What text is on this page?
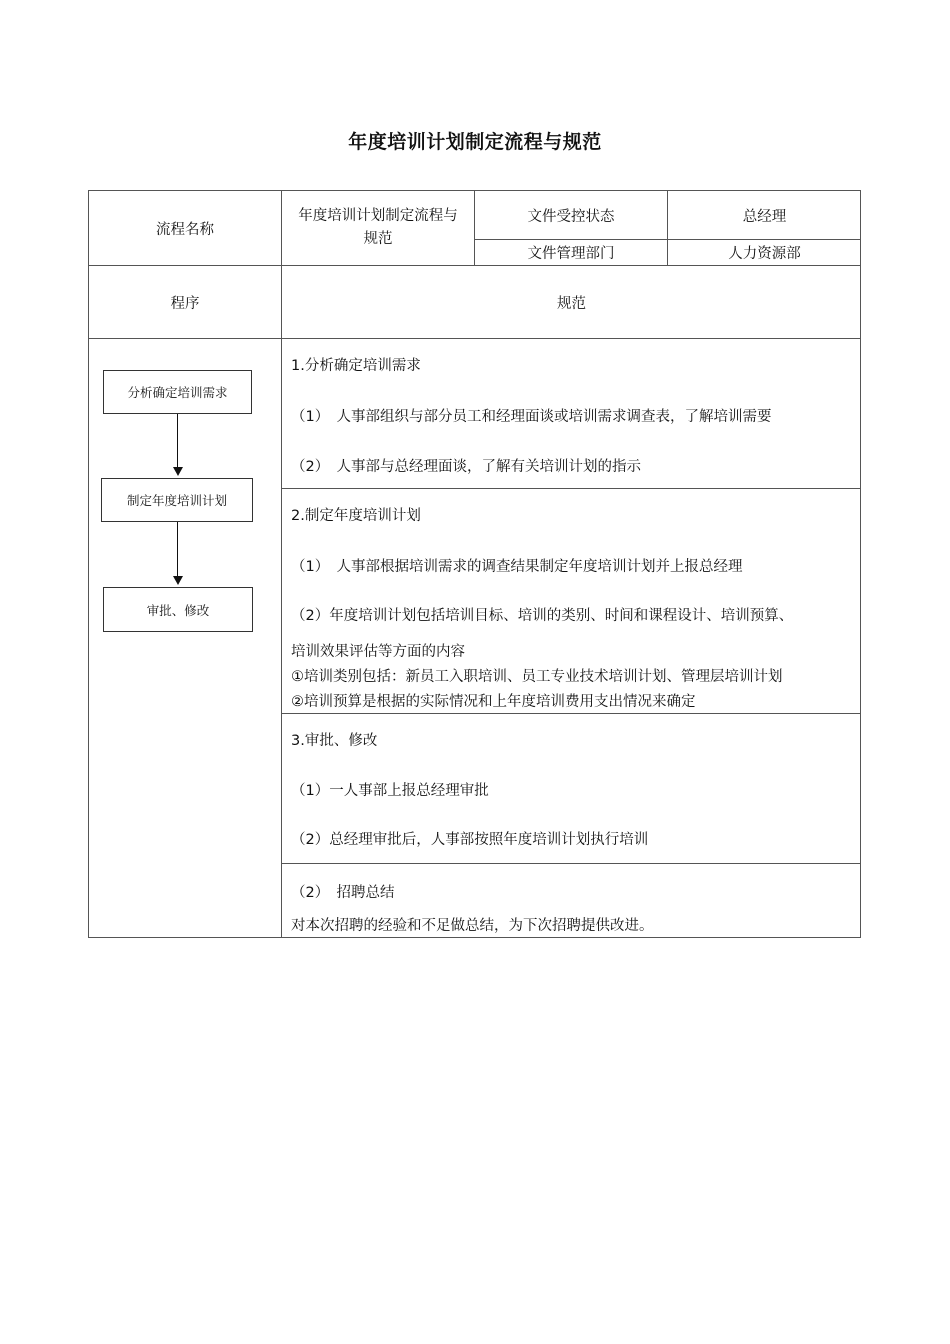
年度培训计划制定流程与规范
流程名称
年度培训计划制定流程与规范
文件受控状态	总经理
文件管理部门	人力资源部
程序	规范
分析确定培训需求
制定年度培训计划
审批、修改
1.分析确定培训需求
（1）　人事部组织与部分员工和经理面谈或培训需求调查表，了解培训需要
（2）　人事部与总经理面谈，了解有关培训计划的指示
2.制定年度培训计划
（1）　人事部根据培训需求的调查结果制定年度培训计划并上报总经理
（2）年度培训计划包括培训目标、培训的类别、时间和课程设计、培训预算、
培训效果评估等方面的内容
①培训类别包括：新员工入职培训、员工专业技术培训计划、管理层培训计划
②培训预算是根据的实际情况和上年度培训费用支出情况来确定
3.审批、修改
（1）一人事部上报总经理审批
（2）总经理审批后，人事部按照年度培训计划执行培训
（2）　招聘总结
对本次招聘的经验和不足做总结，为下次招聘提供改进。
